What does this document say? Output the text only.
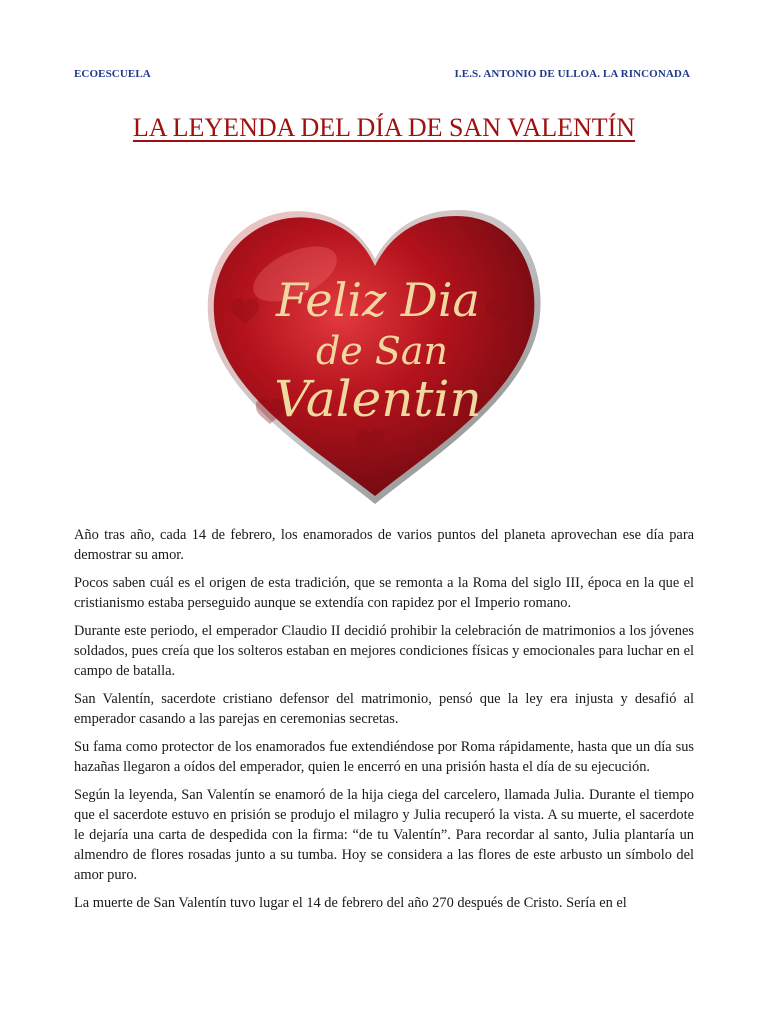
ECOESCUELA	I.E.S. ANTONIO DE ULLOA. LA RINCONADA
LA LEYENDA DEL DÍA DE SAN VALENTÍN
Feliz Dia
de San
Valentin

Año tras año, cada 14 de febrero, los enamorados de varios puntos del planeta aprovechan ese día para demostrar su amor.

Pocos saben cuál es el origen de esta tradición, que se remonta a la Roma del siglo III, época en la que el cristianismo estaba perseguido aunque se extendía con rapidez por el Imperio romano.

Durante este periodo, el emperador Claudio II decidió prohibir la celebración de matrimonios a los jóvenes soldados, pues creía que los solteros estaban en mejores condiciones físicas y emocionales para luchar en el campo de batalla.

San Valentín, sacerdote cristiano defensor del matrimonio, pensó que la ley era injusta y desafió al emperador casando a las parejas en ceremonias secretas.

Su fama como protector de los enamorados fue extendiéndose por Roma rápidamente, hasta que un día sus hazañas llegaron a oídos del emperador, quien le encerró en una prisión hasta el día de su ejecución.

Según la leyenda, San Valentín se enamoró de la hija ciega del carcelero, llamada Julia. Durante el tiempo que el sacerdote estuvo en prisión se produjo el milagro y Julia recuperó la vista. A su muerte, el sacerdote le dejaría una carta de despedida con la firma: “de tu Valentín”. Para recordar al santo, Julia plantaría un almendro de flores rosadas junto a su tumba. Hoy se considera a las flores de este arbusto un símbolo del amor puro.

La muerte de San Valentín tuvo lugar el 14 de febrero del año 270 después de Cristo. Sería en el
